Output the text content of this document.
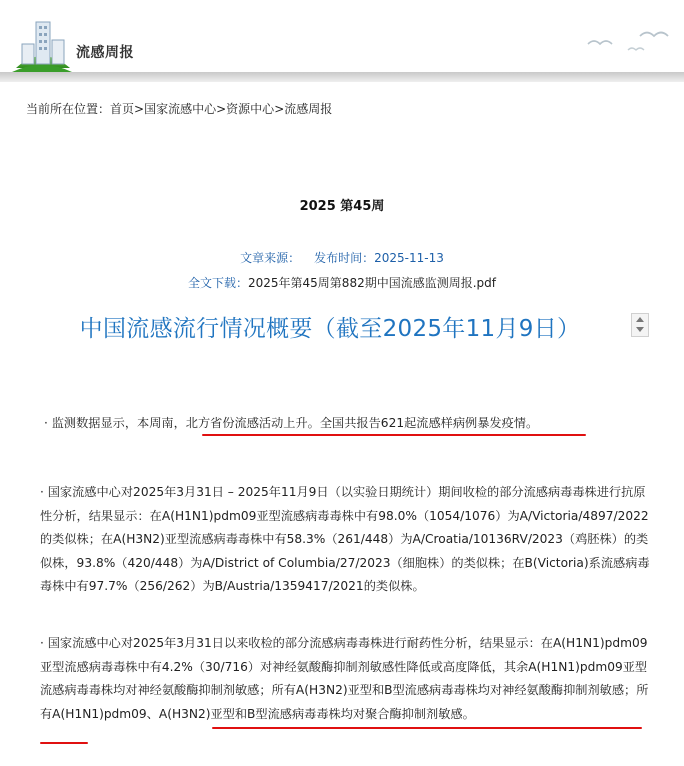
流感周报
当前所在位置：首页>国家流感中心>资源中心>流感周报
2025 第45周
文章来源： 发布时间：2025-11-13
全文下载：2025年第45周第882期中国流感监测周报.pdf
中国流感流行情况概要（截至2025年11月9日）
· 监测数据显示，本周南，北方省份流感活动上升。全国共报告621起流感样病例暴发疫情。
· 国家流感中心对2025年3月31日 – 2025年11月9日（以实验日期统计）期间收检的部分流感病毒毒株进行抗原性分析，结果显示：在A(H1N1)pdm09亚型流感病毒毒株中有98.0%（1054/1076）为A/Victoria/4897/2022的类似株；在A(H3N2)亚型流感病毒毒株中有58.3%（261/448）为A/Croatia/10136RV/2023（鸡胚株）的类似株，93.8%（420/448）为A/District of Columbia/27/2023（细胞株）的类似株；在B(Victoria)系流感病毒毒株中有97.7%（256/262）为B/Austria/1359417/2021的类似株。
· 国家流感中心对2025年3月31日以来收检的部分流感病毒毒株进行耐药性分析，结果显示：在A(H1N1)pdm09亚型流感病毒毒株中有4.2%（30/716）对神经氨酸酶抑制剂敏感性降低或高度降低，其余A(H1N1)pdm09亚型流感病毒毒株均对神经氨酸酶抑制剂敏感；所有A(H3N2)亚型和B型流感病毒毒株均对神经氨酸酶抑制剂敏感；所有A(H1N1)pdm09、A(H3N2)亚型和B型流感病毒毒株均对聚合酶抑制剂敏感。
